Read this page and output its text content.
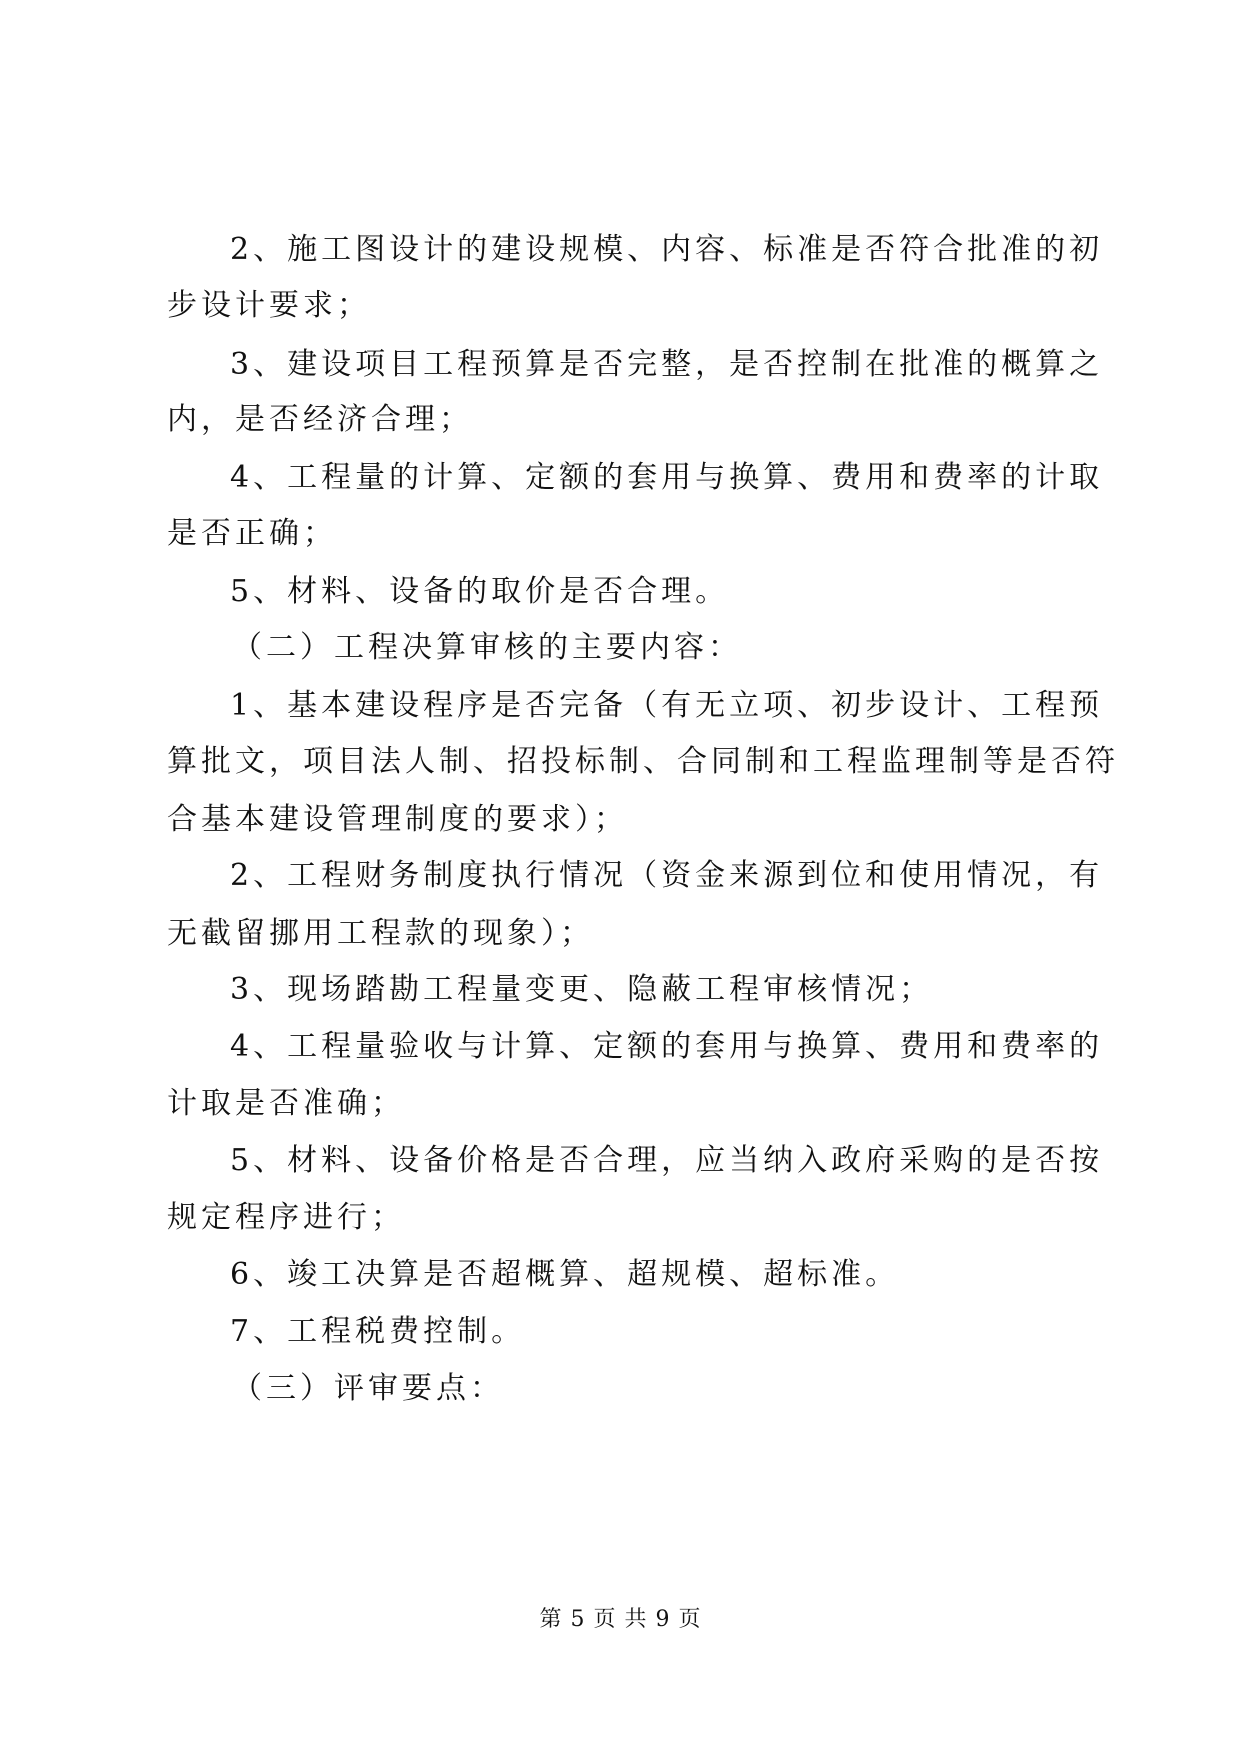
2、施工图设计的建设规模、内容、标准是否符合批准的初
步设计要求；
3、建设项目工程预算是否完整，是否控制在批准的概算之
内，是否经济合理；
4、工程量的计算、定额的套用与换算、费用和费率的计取
是否正确；
5、材料、设备的取价是否合理。
（二）工程决算审核的主要内容：
1、基本建设程序是否完备（有无立项、初步设计、工程预
算批文，项目法人制、招投标制、合同制和工程监理制等是否符
合基本建设管理制度的要求）；
2、工程财务制度执行情况（资金来源到位和使用情况，有
无截留挪用工程款的现象）；
3、现场踏勘工程量变更、隐蔽工程审核情况；
4、工程量验收与计算、定额的套用与换算、费用和费率的
计取是否准确；
5、材料、设备价格是否合理，应当纳入政府采购的是否按
规定程序进行；
6、竣工决算是否超概算、超规模、超标准。
7、工程税费控制。
（三）评审要点：
第 5 页 共 9 页
